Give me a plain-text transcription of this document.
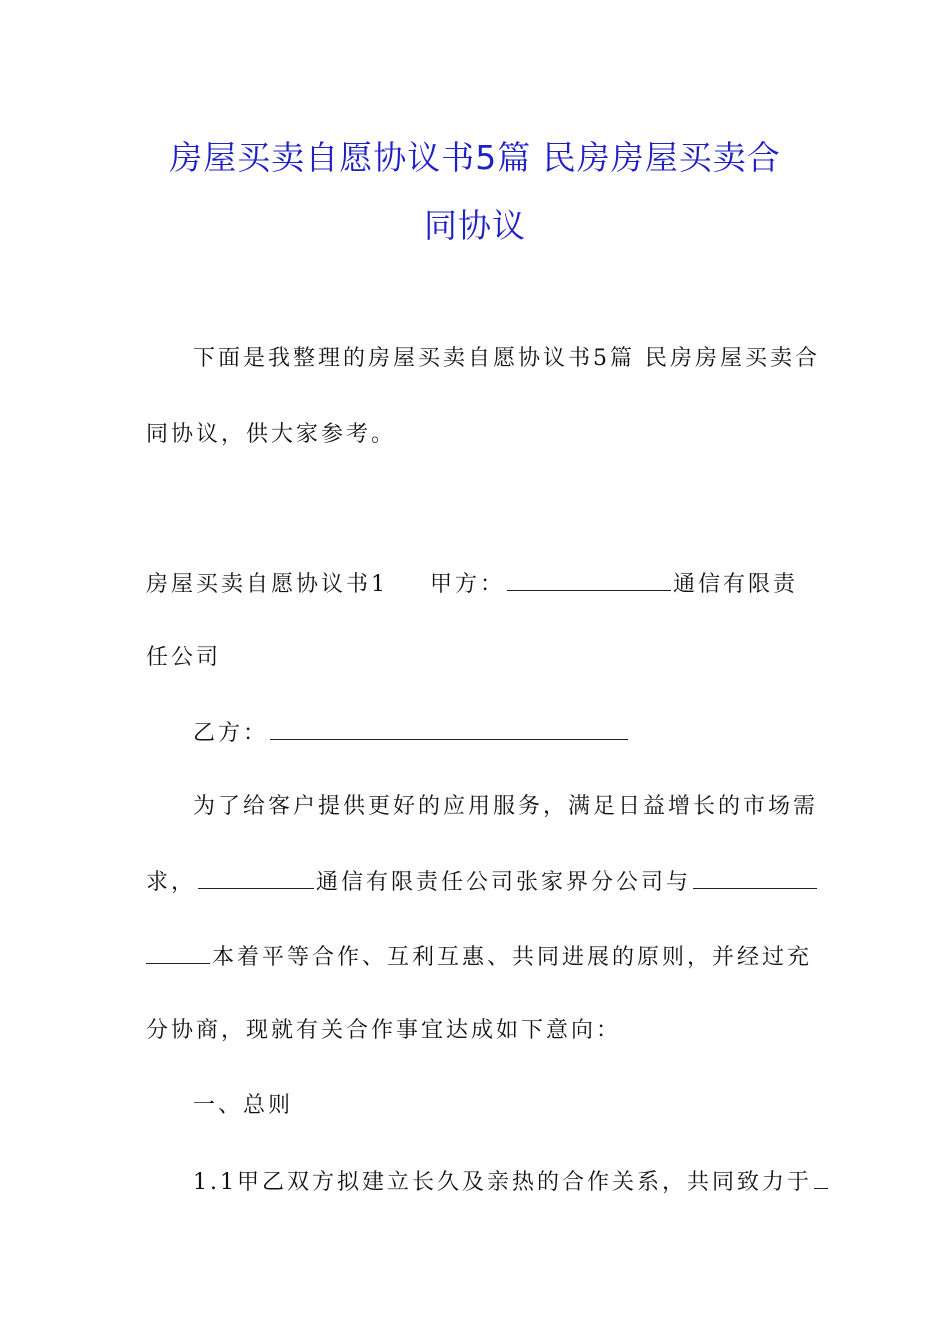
房屋买卖自愿协议书5篇 民房房屋买卖合
同协议
下面是我整理的房屋买卖自愿协议书5篇 民房房屋买卖合
同协议，供大家参考。
房屋买卖自愿协议书1 甲方：	通信有限责
任公司
乙方：
为了给客户提供更好的应用服务，满足日益增长的市场需
求，	通信有限责任公司张家界分公司与
本着平等合作、互利互惠、共同进展的原则，并经过充
分协商，现就有关合作事宜达成如下意向：
一、总则
1.1甲乙双方拟建立长久及亲热的合作关系，共同致力于
